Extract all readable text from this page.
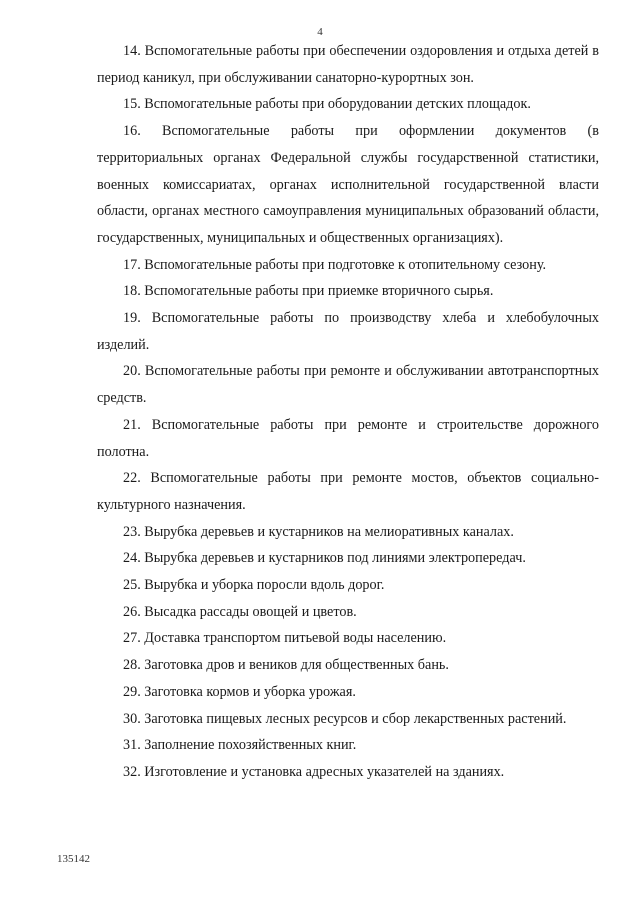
4

14. Вспомогательные работы при обеспечении оздоровления и отдыха детей в период каникул, при обслуживании санаторно-курортных зон.

15. Вспомогательные работы при оборудовании детских площадок.

16. Вспомогательные работы при оформлении документов (в территориальных органах Федеральной службы государственной статистики, военных комиссариатах, органах исполнительной государственной власти области, органах местного самоуправления муниципальных образований области, государственных, муниципальных и общественных организациях).

17. Вспомогательные работы при подготовке к отопительному сезону.

18. Вспомогательные работы при приемке вторичного сырья.

19. Вспомогательные работы по производству хлеба и хлебобулочных изделий.

20. Вспомогательные работы при ремонте и обслуживании автотранспортных средств.

21. Вспомогательные работы при ремонте и строительстве дорожного полотна.

22. Вспомогательные работы при ремонте мостов, объектов социально-культурного назначения.

23. Вырубка деревьев и кустарников на мелиоративных каналах.

24. Вырубка деревьев и кустарников под линиями электропередач.

25. Вырубка и уборка поросли вдоль дорог.

26. Высадка рассады овощей и цветов.

27. Доставка транспортом питьевой воды населению.

28. Заготовка дров и веников для общественных бань.

29. Заготовка кормов и уборка урожая.

30. Заготовка пищевых лесных ресурсов и сбор лекарственных растений.

31. Заполнение похозяйственных книг.

32. Изготовление и установка адресных указателей на зданиях.

135142
